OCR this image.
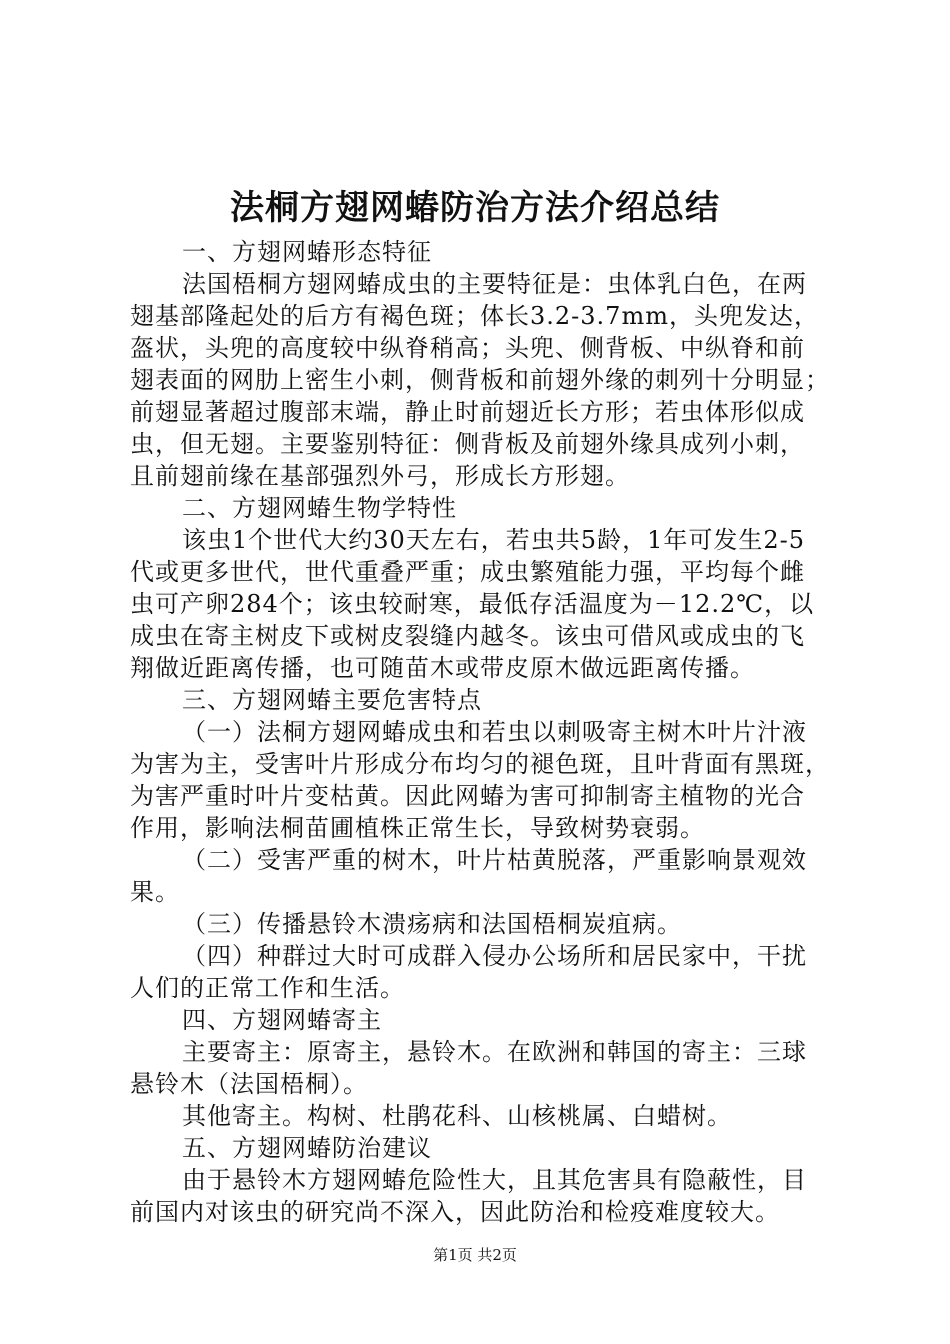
法桐方翅网蝽防治方法介绍总结
一、方翅网蝽形态特征
法国梧桐方翅网蝽成虫的主要特征是：虫体乳白色，在两
翅基部隆起处的后方有褐色斑；体长3.2-3.7mm，头兜发达，
盔状，头兜的高度较中纵脊稍高；头兜、侧背板、中纵脊和前
翅表面的网肋上密生小刺，侧背板和前翅外缘的刺列十分明显；
前翅显著超过腹部末端，静止时前翅近长方形；若虫体形似成
虫，但无翅。主要鉴别特征：侧背板及前翅外缘具成列小刺，
且前翅前缘在基部强烈外弓，形成长方形翅。
二、方翅网蝽生物学特性
该虫1个世代大约30天左右，若虫共5龄，1年可发生2-5
代或更多世代，世代重叠严重；成虫繁殖能力强，平均每个雌
虫可产卵284个；该虫较耐寒，最低存活温度为－12.2℃，以
成虫在寄主树皮下或树皮裂缝内越冬。该虫可借风或成虫的飞
翔做近距离传播，也可随苗木或带皮原木做远距离传播。
三、方翅网蝽主要危害特点
（一）法桐方翅网蝽成虫和若虫以刺吸寄主树木叶片汁液
为害为主，受害叶片形成分布均匀的褪色斑，且叶背面有黑斑，
为害严重时叶片变枯黄。因此网蝽为害可抑制寄主植物的光合
作用，影响法桐苗圃植株正常生长，导致树势衰弱。
（二）受害严重的树木，叶片枯黄脱落，严重影响景观效
果。
（三）传播悬铃木溃疡病和法国梧桐炭疽病。
（四）种群过大时可成群入侵办公场所和居民家中，干扰
人们的正常工作和生活。
四、方翅网蝽寄主
主要寄主：原寄主，悬铃木。在欧洲和韩国的寄主：三球
悬铃木（法国梧桐）。
其他寄主。构树、杜鹃花科、山核桃属、白蜡树。
五、方翅网蝽防治建议
由于悬铃木方翅网蝽危险性大，且其危害具有隐蔽性，目
前国内对该虫的研究尚不深入，因此防治和检疫难度较大。
第1页 共2页
